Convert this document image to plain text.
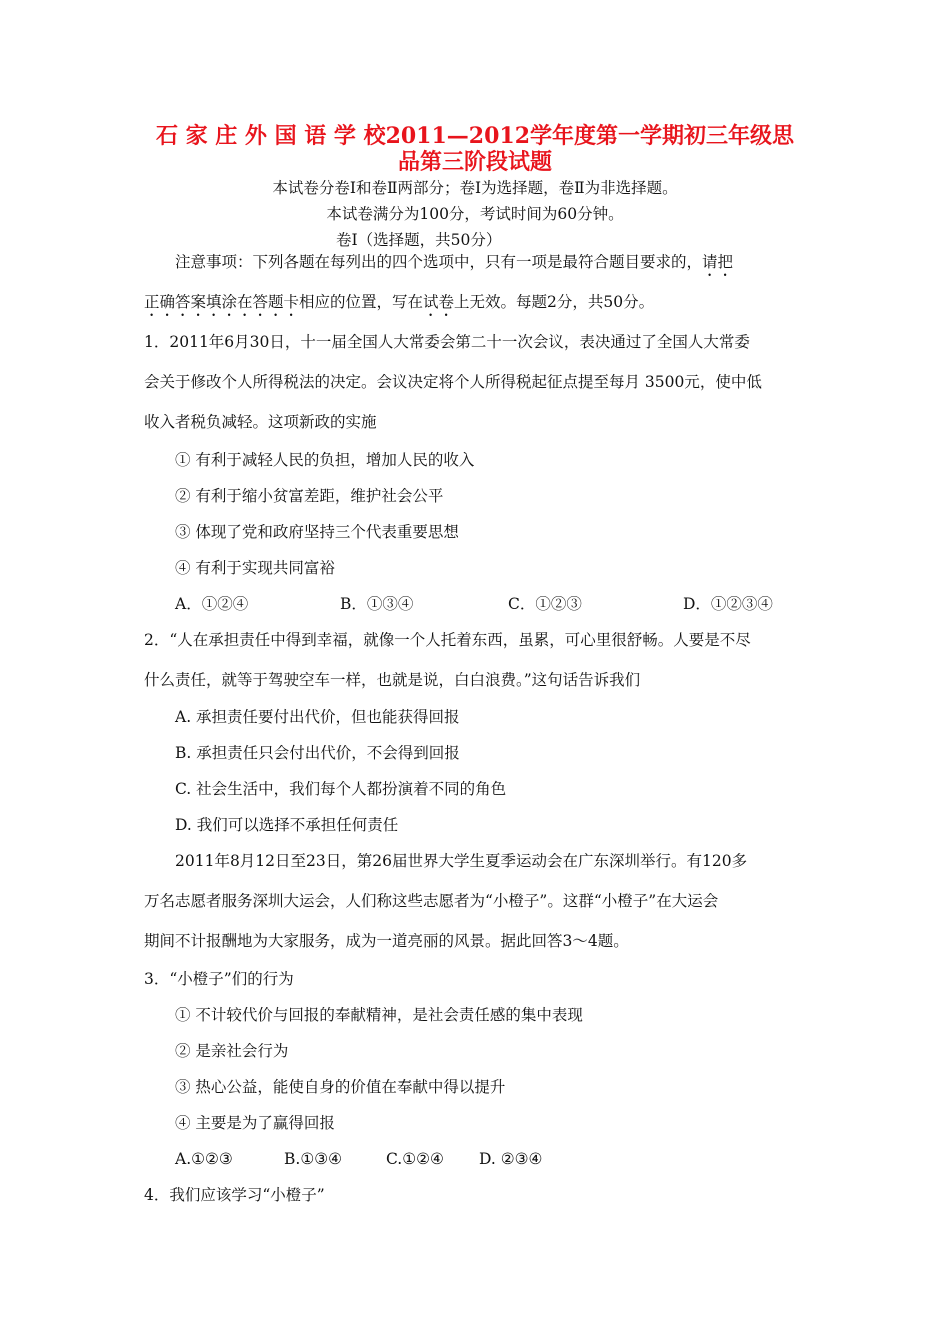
石 家 庄 外 国 语 学 校2011—2012学年度第一学期初三年级思
品第三阶段试题
本试卷分卷Ⅰ和卷Ⅱ两部分；卷Ⅰ为选择题，卷Ⅱ为非选择题。
本试卷满分为100分，考试时间为60分钟。
卷Ⅰ（选择题，共50分）
注意事项：下列各题在每列出的四个选项中，只有一项是最符合题目要求的，请把
正确答案填涂在答题卡相应的位置，写在试卷上无效。每题2分，共50分。
1．2011年6月30日，十一届全国人大常委会第二十一次会议，表决通过了全国人大常委
会关于修改个人所得税法的决定。会议决定将个人所得税起征点提至每月 3500元，使中低
收入者税负减轻。这项新政的实施
① 有利于减轻人民的负担，增加人民的收入
② 有利于缩小贫富差距，维护社会公平
③ 体现了党和政府坚持三个代表重要思想
④ 有利于实现共同富裕
A．①②④	B．①③④	C．①②③	D．①②③④
2．“人在承担责任中得到幸福，就像一个人托着东西，虽累，可心里很舒畅。人要是不尽
什么责任，就等于驾驶空车一样，也就是说，白白浪费。”这句话告诉我们
A. 承担责任要付出代价，但也能获得回报
B. 承担责任只会付出代价，不会得到回报
C. 社会生活中，我们每个人都扮演着不同的角色
D. 我们可以选择不承担任何责任
2011年8月12日至23日，第26届世界大学生夏季运动会在广东深圳举行。有120多
万名志愿者服务深圳大运会，人们称这些志愿者为“小橙子”。这群“小橙子”在大运会
期间不计报酬地为大家服务，成为一道亮丽的风景。据此回答3～4题。
3．“小橙子”们的行为
① 不计较代价与回报的奉献精神，是社会责任感的集中表现
② 是亲社会行为
③ 热心公益，能使自身的价值在奉献中得以提升
④ 主要是为了赢得回报
A.①②③	B.①③④	C.①②④ D. ②③④
4．我们应该学习“小橙子”
